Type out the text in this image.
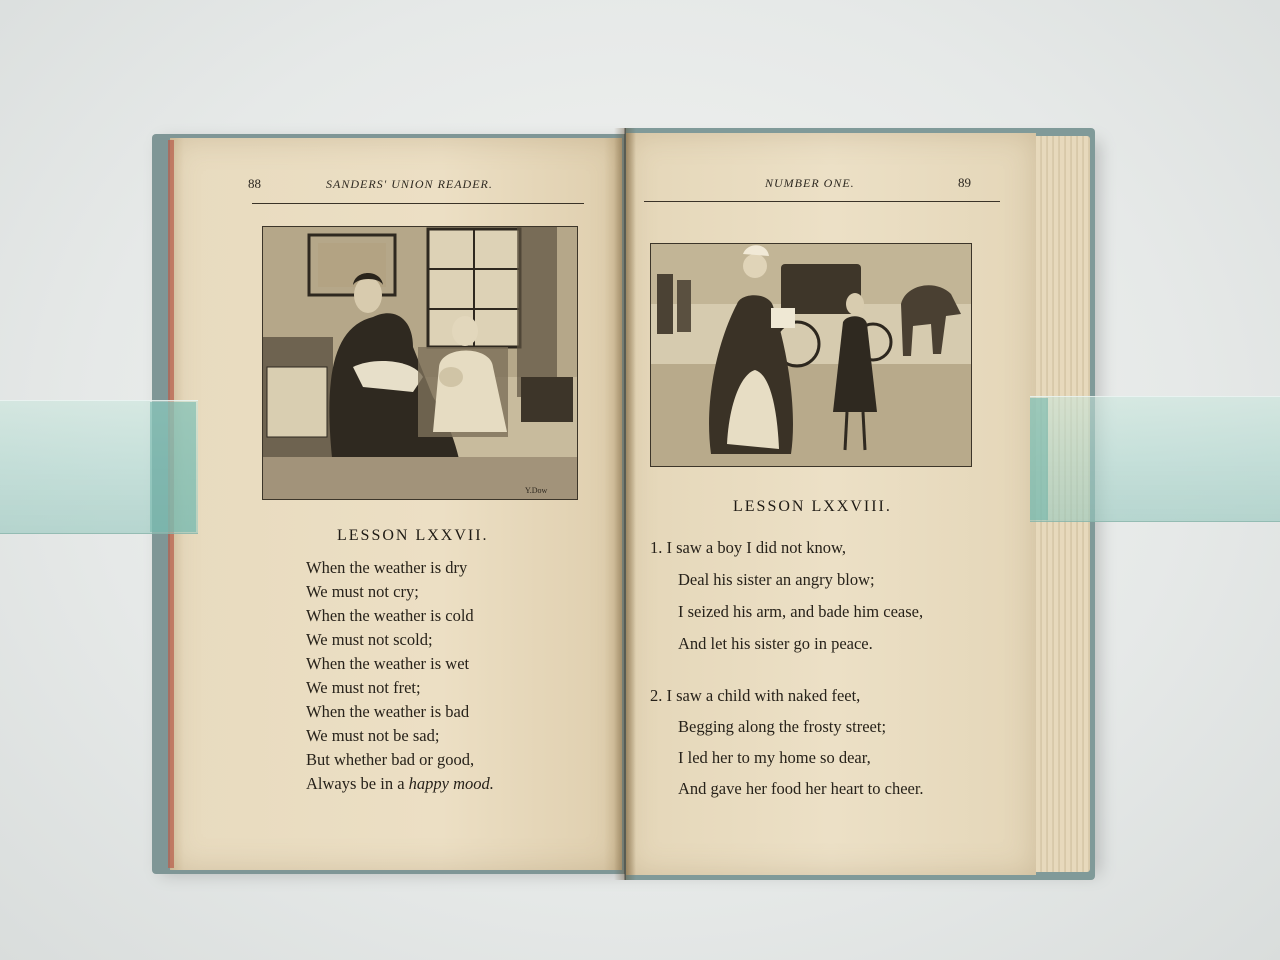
88	SANDERS' UNION READER.
Y.Dow
LESSON LXXVII.
When the weather is dry
We must not cry;
When the weather is cold
We must not scold;
When the weather is wet
We must not fret;
When the weather is bad
We must not be sad;
But whether bad or good,
Always be in a happy mood.
NUMBER ONE.	89
LESSON LXXVIII.
1. I saw a boy I did not know,
Deal his sister an angry blow;
I seized his arm, and bade him cease,
And let his sister go in peace.
2. I saw a child with naked feet,
Begging along the frosty street;
I led her to my home so dear,
And gave her food her heart to cheer.
